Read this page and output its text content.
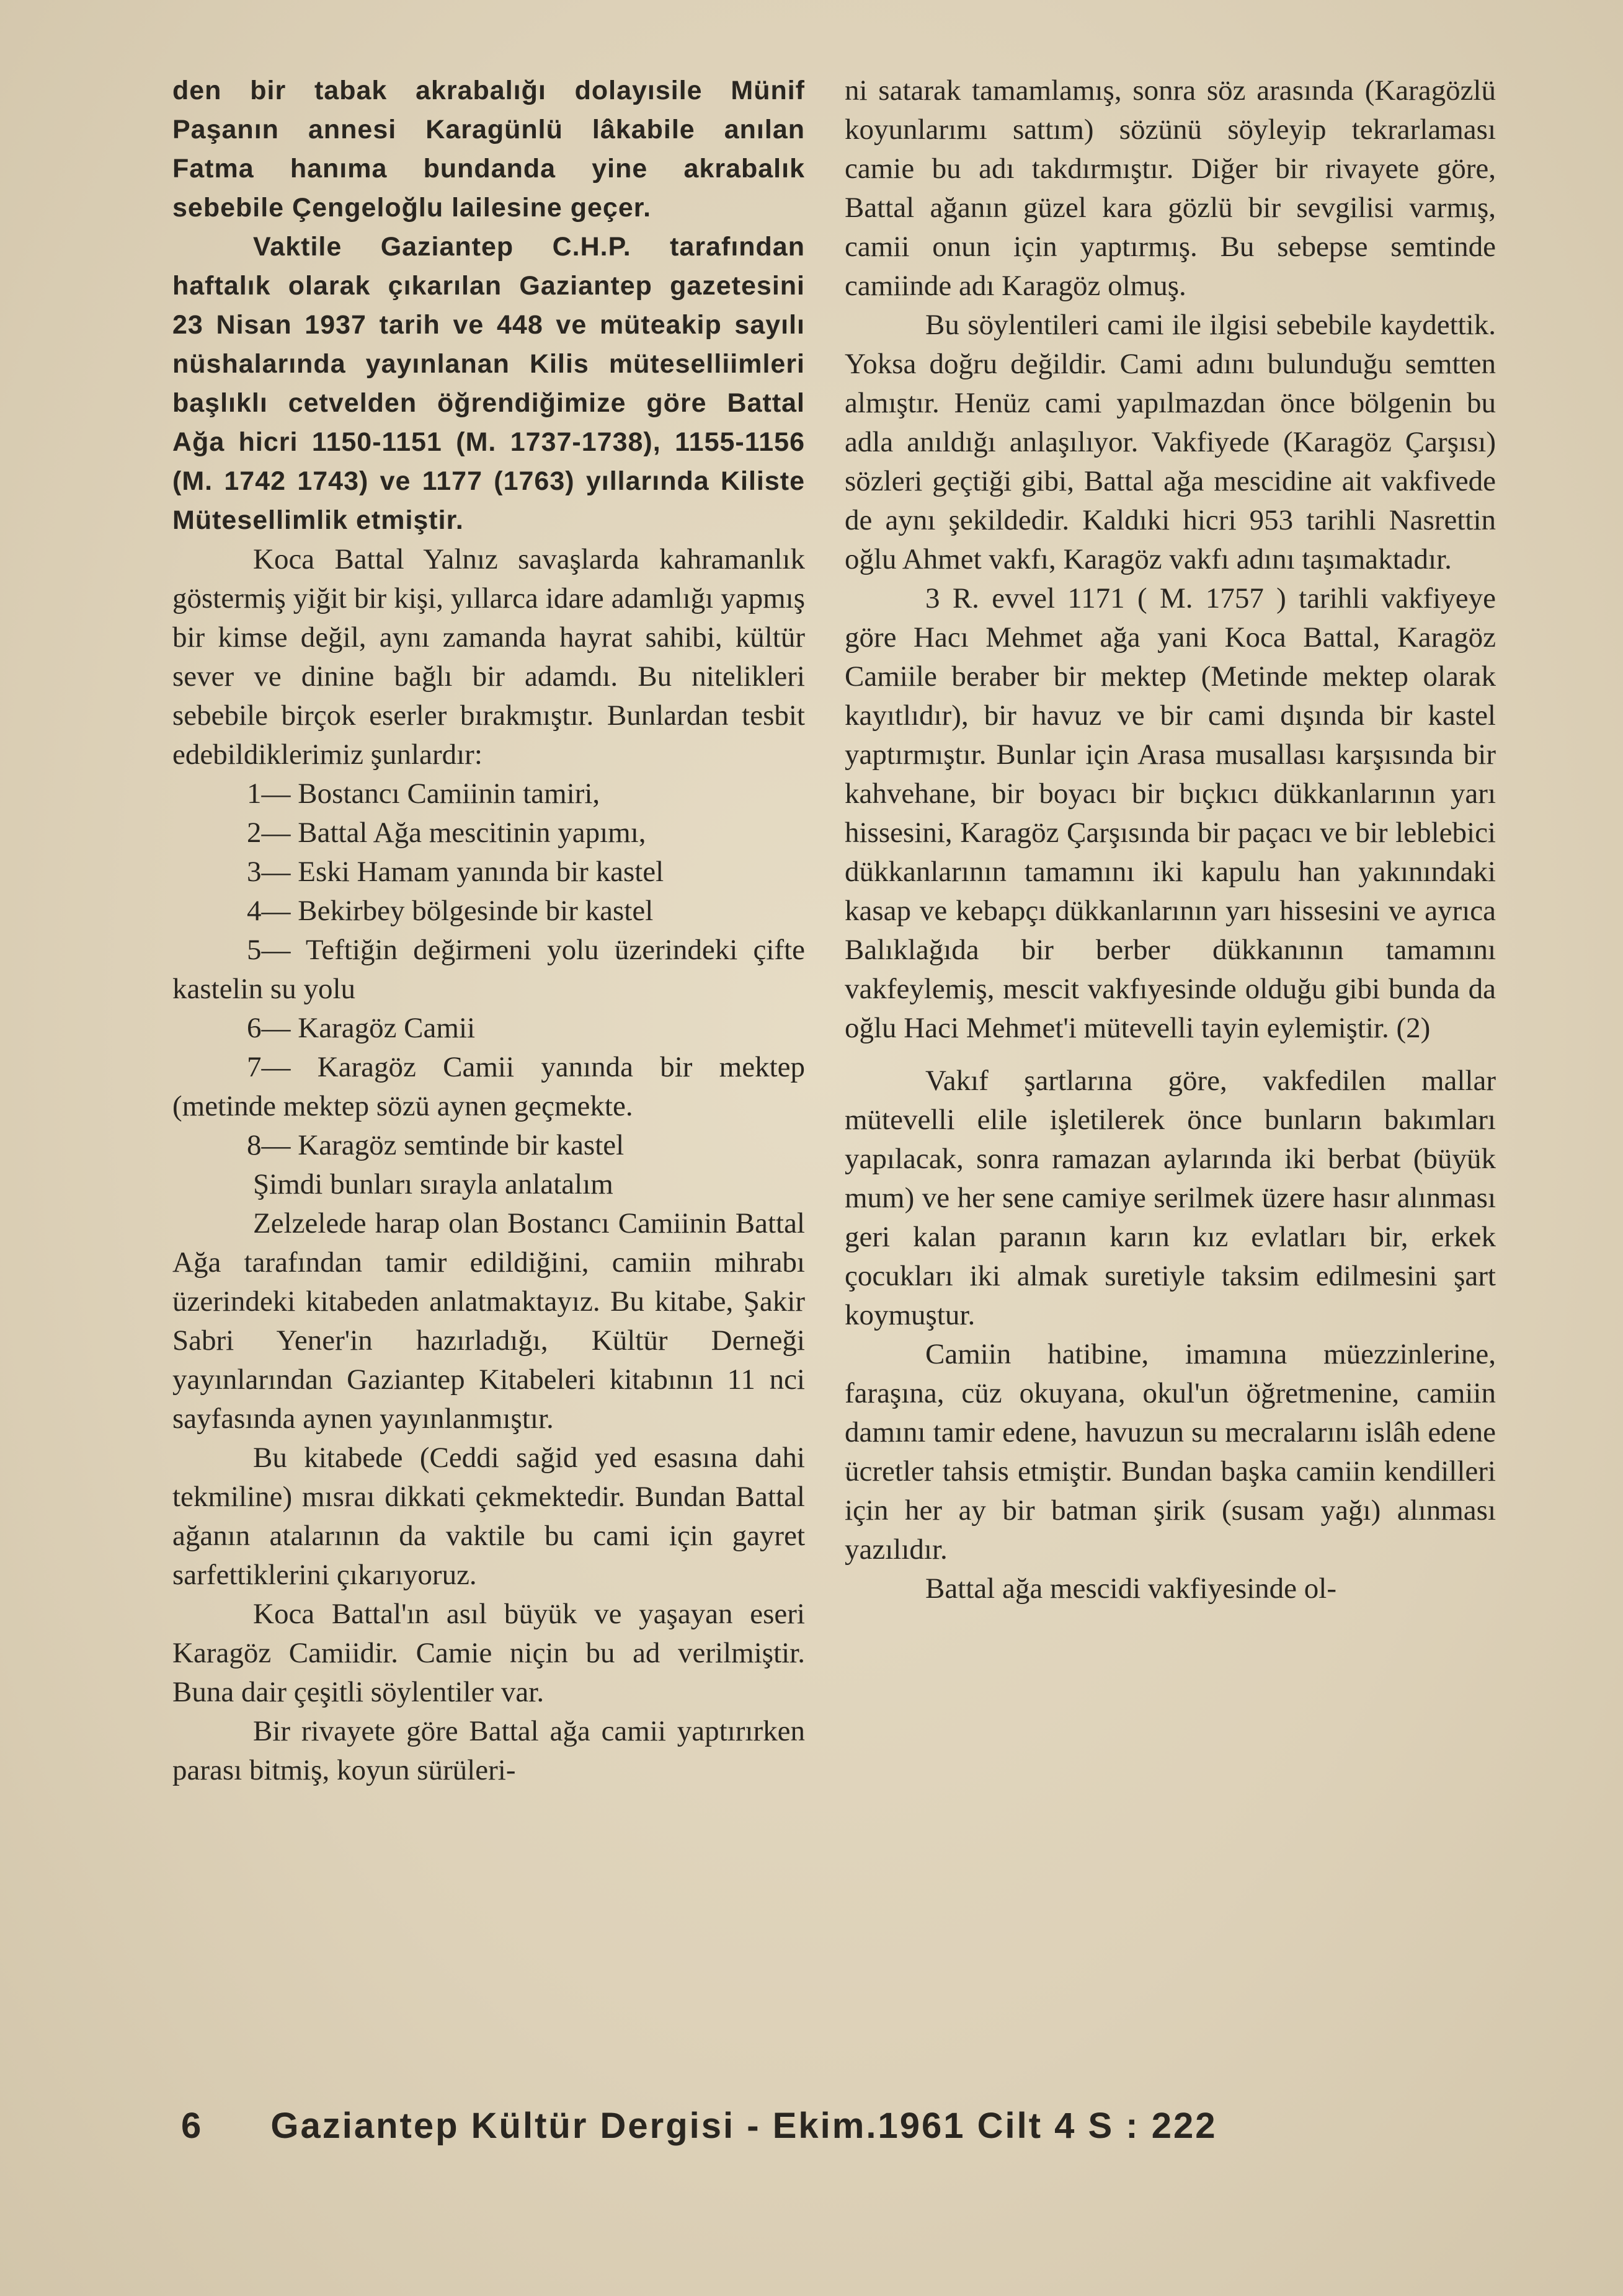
den bir tabak akrabalığı dolayısile Münif Paşanın annesi Karagünlü lâkabile anılan Fatma hanıma bundanda yine akrabalık sebebile Çengeloğlu lailesine geçer.

Vaktile Gaziantep C.H.P. tarafından haftalık olarak çıkarılan Gaziantep gazetesini 23 Nisan 1937 tarih ve 448 ve müteakip sayılı nüshalarında yayınlanan Kilis müteselliimleri başlıklı cetvelden öğrendiğimize göre Battal Ağa hicri 1150-1151 (M. 1737-1738), 1155-1156 (M. 1742 1743) ve 1177 (1763) yıllarında Kiliste Mütesellimlik etmiştir.

Koca Battal Yalnız savaşlarda kahramanlık göstermiş yiğit bir kişi, yıllarca idare adamlığı yapmış bir kimse değil, aynı zamanda hayrat sahibi, kültür sever ve dinine bağlı bir adamdı. Bu nitelikleri sebebile birçok eserler bırakmıştır. Bunlardan tesbit edebildiklerimiz şunlardır:

1— Bostancı Camiinin tamiri,

2— Battal Ağa mescitinin yapımı,

3— Eski Hamam yanında bir kastel

4— Bekirbey bölgesinde bir kastel

5— Teftiğin değirmeni yolu üzerindeki çifte kastelin su yolu

6— Karagöz Camii

7— Karagöz Camii yanında bir mektep (metinde mektep sözü aynen geçmekte.

8— Karagöz semtinde bir kastel

Şimdi bunları sırayla anlatalım

Zelzelede harap olan Bostancı Camiinin Battal Ağa tarafından tamir edildiğini, camiin mihrabı üzerindeki kitabeden anlatmaktayız. Bu kitabe, Şakir Sabri Yener'in hazırladığı, Kültür Derneği yayınlarından Gaziantep Kitabeleri kitabının 11 nci sayfasında aynen yayınlanmıştır.

Bu kitabede (Ceddi sağid yed esasına dahi tekmiline) mısraı dikkati çekmektedir. Bundan Battal ağanın atalarının da vaktile bu cami için gayret sarfettiklerini çıkarıyoruz.

Koca Battal'ın asıl büyük ve yaşayan eseri Karagöz Camiidir. Camie niçin bu ad verilmiştir. Buna dair çeşitli söylentiler var.

Bir rivayete göre Battal ağa camii yaptırırken parası bitmiş, koyun sürüleri-

ni satarak tamamlamış, sonra söz arasında (Karagözlü koyunlarımı sattım) sözünü söyleyip tekrarlaması camie bu adı takdırmıştır. Diğer bir rivayete göre, Battal ağanın güzel kara gözlü bir sevgilisi varmış, camii onun için yaptırmış. Bu sebepse semtinde camiinde adı Karagöz olmuş.

Bu söylentileri cami ile ilgisi sebebile kaydettik. Yoksa doğru değildir. Cami adını bulunduğu semtten almıştır. Henüz cami yapılmazdan önce bölgenin bu adla anıldığı anlaşılıyor. Vakfiyede (Karagöz Çarşısı) sözleri geçtiği gibi, Battal ağa mescidine ait vakfivede de aynı şekildedir. Kaldıki hicri 953 tarihli Nasrettin oğlu Ahmet vakfı, Karagöz vakfı adını taşımaktadır.

3 R. evvel 1171 ( M. 1757 ) tarihli vakfiyeye göre Hacı Mehmet ağa yani Koca Battal, Karagöz Camiile beraber bir mektep (Metinde mektep olarak kayıtlıdır), bir havuz ve bir cami dışında bir kastel yaptırmıştır. Bunlar için Arasa musallası karşısında bir kahvehane, bir boyacı bir bıçkıcı dükkanlarının yarı hissesini, Karagöz Çarşısında bir paçacı ve bir leblebici dükkanlarının tamamını iki kapulu han yakınındaki kasap ve kebapçı dükkanlarının yarı hissesini ve ayrıca Balıklağıda bir berber dükkanının tamamını vakfeylemiş, mescit vakfıyesinde olduğu gibi bunda da oğlu Haci Mehmet'i mütevelli tayin eylemiştir. (2)

Vakıf şartlarına göre, vakfedilen mallar mütevelli elile işletilerek önce bunların bakımları yapılacak, sonra ramazan aylarında iki berbat (büyük mum) ve her sene camiye serilmek üzere hasır alınması geri kalan paranın karın kız evlatları bir, erkek çocukları iki almak suretiyle taksim edilmesini şart koymuştur.

Camiin hatibine, imamına müezzinlerine, faraşına, cüz okuyana, okul'un öğretmenine, camiin damını tamir edene, havuzun su mecralarını islâh edene ücretler tahsis etmiştir. Bundan başka camiin kendilleri için her ay bir batman şirik (susam yağı) alınması yazılıdır.

Battal ağa mescidi vakfiyesinde ol-

6 Gaziantep Kültür Dergisi - Ekim.1961 Cilt 4 S : 222
